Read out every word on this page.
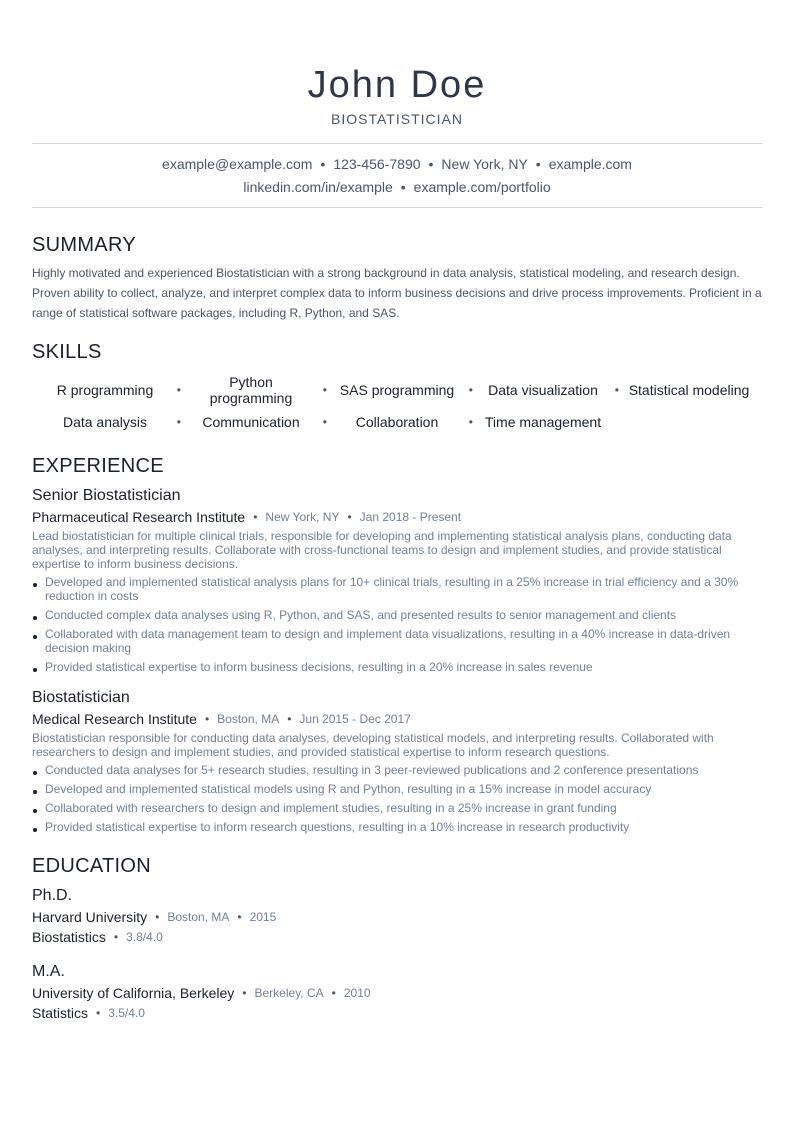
John Doe
BIOSTATISTICIAN
example@example.com • 123-456-7890 • New York, NY • example.com
linkedin.com/in/example • example.com/portfolio
SUMMARY

Highly motivated and experienced Biostatistician with a strong background in data analysis, statistical modeling, and research design. Proven ability to collect, analyze, and interpret complex data to inform business decisions and drive process improvements. Proficient in a range of statistical software packages, including R, Python, and SAS.

SKILLS
R programming •	Python programming •	SAS programming •	Data visualization •	Statistical modeling
Data analysis •	Communication •	Collaboration •	Time management
EXPERIENCE
Senior Biostatistician
Pharmaceutical Research Institute • New York, NY • Jan 2018 - Present

Lead biostatistician for multiple clinical trials, responsible for developing and implementing statistical analysis plans, conducting data analyses, and interpreting results. Collaborate with cross-functional teams to design and implement studies, and provide statistical expertise to inform business decisions.

Developed and implemented statistical analysis plans for 10+ clinical trials, resulting in a 25% increase in trial efficiency and a 30% reduction in costs
Conducted complex data analyses using R, Python, and SAS, and presented results to senior management and clients
Collaborated with data management team to design and implement data visualizations, resulting in a 40% increase in data-driven decision making
Provided statistical expertise to inform business decisions, resulting in a 20% increase in sales revenue
Biostatistician
Medical Research Institute • Boston, MA • Jun 2015 - Dec 2017

Biostatistician responsible for conducting data analyses, developing statistical models, and interpreting results. Collaborated with researchers to design and implement studies, and provided statistical expertise to inform research questions.

Conducted data analyses for 5+ research studies, resulting in 3 peer-reviewed publications and 2 conference presentations
Developed and implemented statistical models using R and Python, resulting in a 15% increase in model accuracy
Collaborated with researchers to design and implement studies, resulting in a 25% increase in grant funding
Provided statistical expertise to inform research questions, resulting in a 10% increase in research productivity
EDUCATION
Ph.D.
Harvard University • Boston, MA • 2015
Biostatistics • 3.8/4.0
M.A.
University of California, Berkeley • Berkeley, CA • 2010
Statistics • 3.5/4.0
